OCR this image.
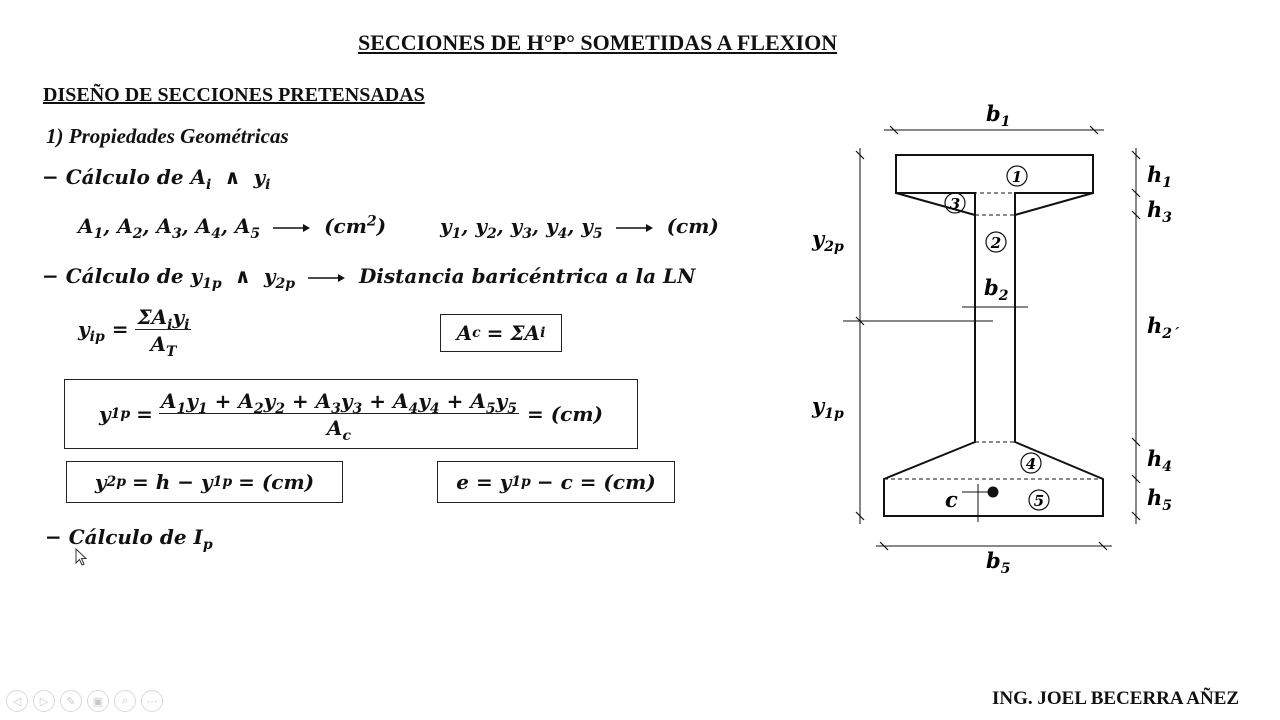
SECCIONES DE H°P° SOMETIDAS A FLEXION
DISEÑO DE SECCIONES PRETENSADAS
1) Propiedades Geométricas
− Cálculo de $A_i$ ∧ $y_i$
$A_1$, $A_2$, $A_3$, $A_4$, $A_5$	$(cm^2)$	$y_1$, $y_2$, $y_3$, $y_4$, $y_5$	(cm)
− Cálculo de $y_{1p}$ ∧ $y_{2p}$	Distancia baricéntrica a la LN
$y_{ip} = \frac{\Sigma A_iy_i}{A_T}$	A c = ΣA i
y $1p = \frac{A_1y_1 + A_2y_2 + A_3y_3 + A_4y_4 + A_5y_5}{A_c} = (cm)$
y 2p = h − y 1p = (cm)	e = y 1p − c = (cm)
− Cálculo de $I_p$
1
2
3
4
5
$b_1$
$b_2$
$b_5$
$h_1$
$h_3$
$h_{2´}$
$h_4$
$h_5$
$y_{2p}$
$y_{1p}$
c
ING. JOEL BECERRA AÑEZ
◁	▷	✎	▣	⌕	⋯
